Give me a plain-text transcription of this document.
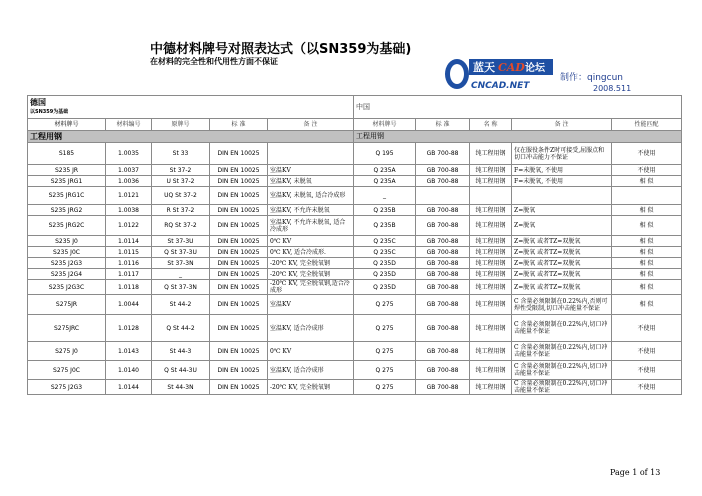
中德材料牌号对照表达式（以SN359为基础)
在材料的完全性和代用性方面不保证	蓝天 CAD 论坛
CNCAD.NET
制作：qingcun
2008.511
德国
以SN359为基础					中国				
材料牌号	材料编号	原牌号	标 准	备 注	材料牌号	标 准	名 称	备 注	性能匹配
工程用钢					工程用钢				
S185	1.0035	St 33	DIN EN 10025		Q 195	GB 700-88	纯工程用钢	仅在服役条件Z时可接受,屈服点和切口冲击能力不保证	不使用
S235 JR	1.0037	St 37-2	DIN EN 10025	室温KV	Q 235A	GB 700-88	纯工程用钢	F=未脱氧, 不使用	不使用
S235 JRG1	1.0036	U St 37-2	DIN EN 10025	室温KV, 未脱氧	Q 235A	GB 700-88	纯工程用钢	F=未脱氧, 不使用	相 似
S235 JRG1C	1.0121	UQ St 37-2	DIN EN 10025	室温KV, 未脱氧, 适合冷成形	_				
S235 JRG2	1.0038	R St 37-2	DIN EN 10025	室温KV, 不允许未脱氧	Q 235B	GB 700-88	纯工程用钢	Z=脱氧	相 似
S235 JRG2C	1.0122	RQ St 37-2	DIN EN 10025	室温KV, 不允许未脱氧, 适合冷成形	Q 235B	GB 700-88	纯工程用钢	Z=脱氧	相 似
S235 J0	1.0114	St 37-3U	DIN EN 10025	0℃ KV	Q 235C	GB 700-88	纯工程用钢	Z=脱氧 或者TZ=双脱氧	相 似
S235 J0C	1.0115	Q St 37-3U	DIN EN 10025	0℃ KV, 适合冷成形.	Q 235C	GB 700-88	纯工程用钢	Z=脱氧 或者TZ=双脱氧	相 似
S235 J2G3	1.0116	St 37-3N	DIN EN 10025	-20℃ KV, 完全脱氧钢	Q 235D	GB 700-88	纯工程用钢	Z=脱氧 或者TZ=双脱氧	相 似
S235 J2G4	1.0117	_	DIN EN 10025	-20℃ KV, 完全脱氧钢	Q 235D	GB 700-88	纯工程用钢	Z=脱氧 或者TZ=双脱氧	相 似
S235 J2G3C	1.0118	Q St 37-3N	DIN EN 10025	-20℃ KV, 完全脱氧钢,适合冷成形	Q 235D	GB 700-88	纯工程用钢	Z=脱氧 或者TZ=双脱氧	相 似
S275JR	1.0044	St 44-2	DIN EN 10025	室温KV	Q 275	GB 700-88	纯工程用钢	C 含量必须限制在0.22%内,否则可焊性受限制,切口冲击能量不保证	相 似
S275JRC	1.0128	Q St 44-2	DIN EN 10025	室温KV, 适合冷成形	Q 275	GB 700-88	纯工程用钢	C 含量必须限制在0.22%内,切口冲击能量不保证	不使用
S275 J0	1.0143	St 44-3	DIN EN 10025	0℃ KV	Q 275	GB 700-88	纯工程用钢	C 含量必须限制在0.22%内,切口冲击能量不保证	不使用
S275 J0C	1.0140	Q St 44-3U	DIN EN 10025	室温KV, 适合冷成形	Q 275	GB 700-88	纯工程用钢	C 含量必须限制在0.22%内,切口冲击能量不保证	不使用
S275 J2G3	1.0144	St 44-3N	DIN EN 10025	-20℃ KV, 完全脱氧钢	Q 275	GB 700-88	纯工程用钢	C 含量必须限制在0.22%内,切口冲击能量不保证	不使用
Page 1 of 13
